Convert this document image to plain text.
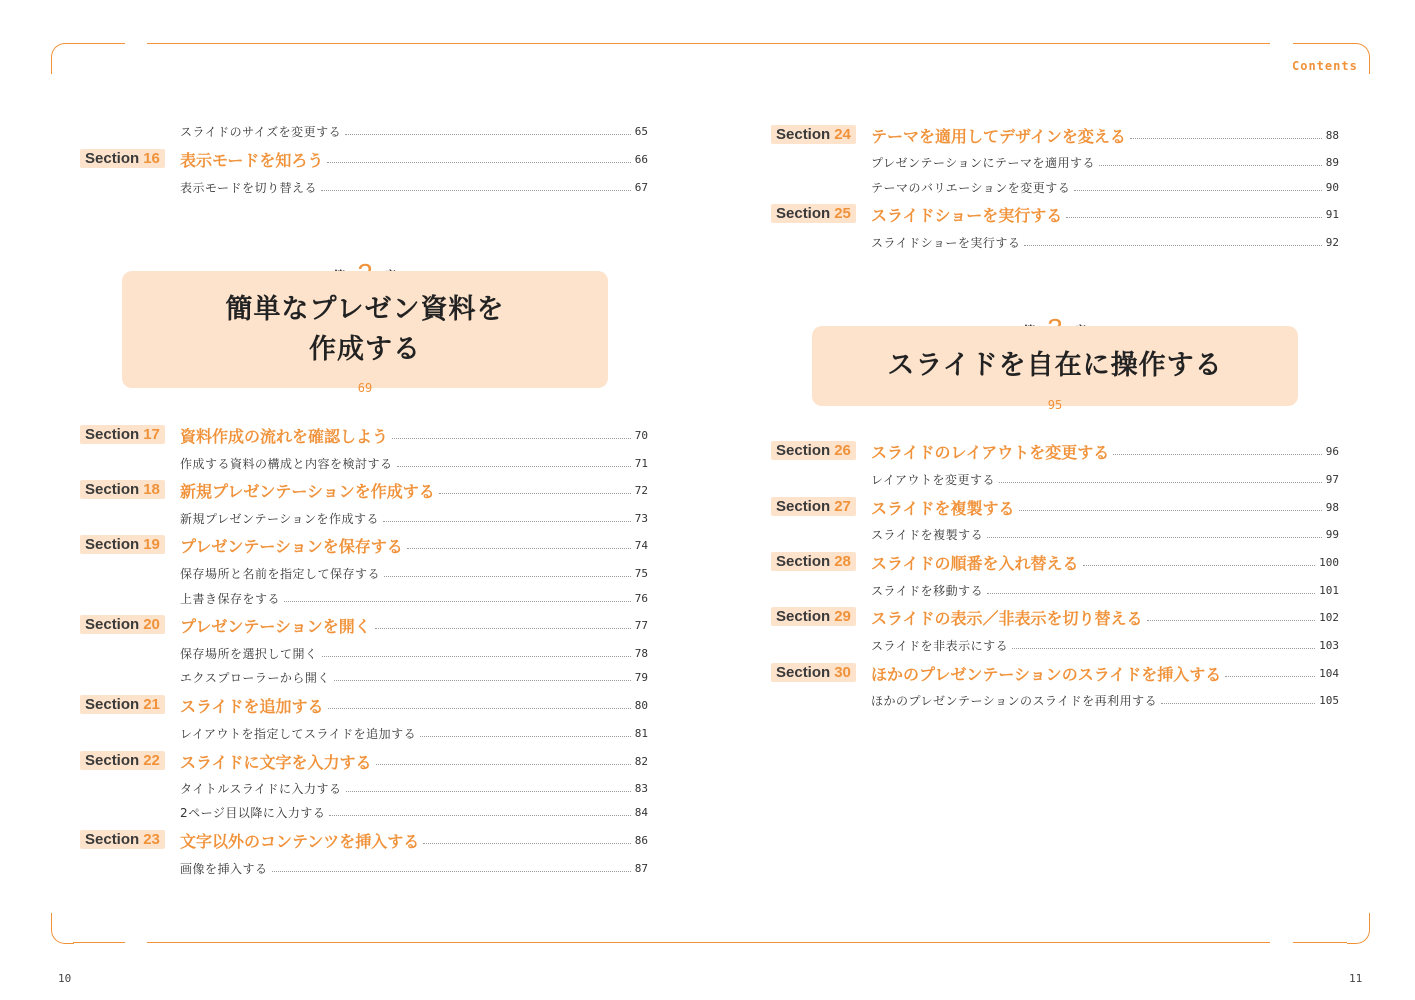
10
スライドのサイズを変更する	65
Section 16	表示モードを知ろう	66
表示モードを切り替える	67
簡単なプレゼン資料を
作成する
69
Section 17	資料作成の流れを確認しよう	70
作成する資料の構成と内容を検討する	71
Section 18	新規プレゼンテーションを作成する	72
新規プレゼンテーションを作成する	73
Section 19	プレゼンテーションを保存する	74
保存場所と名前を指定して保存する	75
上書き保存をする	76
Section 20	プレゼンテーションを開く	77
保存場所を選択して開く	78
エクスプローラーから開く	79
Section 21	スライドを追加する	80
レイアウトを指定してスライドを追加する	81
Section 22	スライドに文字を入力する	82
タイトルスライドに入力する	83
2ページ目以降に入力する	84
Section 23	文字以外のコンテンツを挿入する	86
画像を挿入する	87
Contents
11
Section 24	テーマを適用してデザインを変える	88
プレゼンテーションにテーマを適用する	89
テーマのバリエーションを変更する	90
Section 25	スライドショーを実行する	91
スライドショーを実行する	92
スライドを自在に操作する
95
Section 26	スライドのレイアウトを変更する	96
レイアウトを変更する	97
Section 27	スライドを複製する	98
スライドを複製する	99
Section 28	スライドの順番を入れ替える	100
スライドを移動する	101
Section 29	スライドの表示／非表示を切り替える	102
スライドを非表示にする	103
Section 30	ほかのプレゼンテーションのスライドを挿入する	104
ほかのプレゼンテーションのスライドを再利用する	105
